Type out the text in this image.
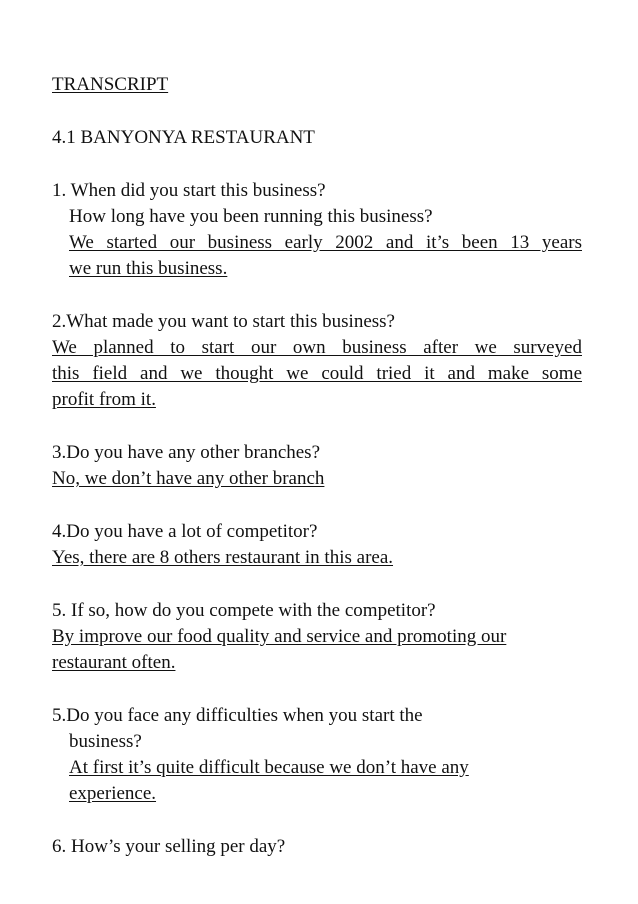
TRANSCRIPT
4.1 BANYONYA RESTAURANT
1. When did you start this business?
How long have you been running this business?
We started our business early 2002 and it’s been 13 years
we run this business.
2.What made you want to start this business?
We planned to start our own business after we surveyed
this field and we thought we could tried it and make some
profit from it.
3.Do you have any other branches?
No, we don’t have any other branch
4.Do you have a lot of competitor?
Yes, there are 8 others restaurant in this area.
5. If so, how do you compete with the competitor?
By improve our food quality and service and promoting our
restaurant often.
5.Do you face any difficulties when you start the
business?
At first it’s quite difficult because we don’t have any
experience.
6. How’s your selling per day?
